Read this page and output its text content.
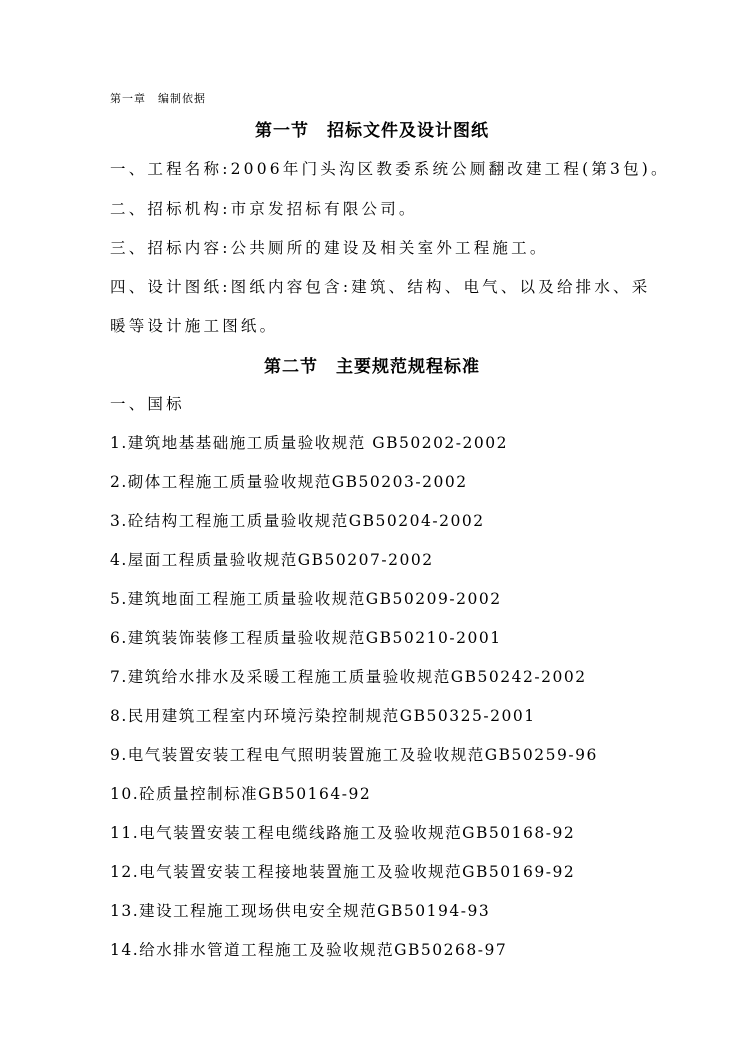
第一章　编制依据
第一节　招标文件及设计图纸
一、工程名称:2006年门头沟区教委系统公厕翻改建工程(第3包)。
二、招标机构:市京发招标有限公司。
三、招标内容:公共厕所的建设及相关室外工程施工。
四、设计图纸:图纸内容包含:建筑、结构、电气、以及给排水、采
暖等设计施工图纸。
第二节　主要规范规程标准
一、国标
1.建筑地基基础施工质量验收规范 GB50202-2002
2.砌体工程施工质量验收规范GB50203-2002
3.砼结构工程施工质量验收规范GB50204-2002
4.屋面工程质量验收规范GB50207-2002
5.建筑地面工程施工质量验收规范GB50209-2002
6.建筑装饰装修工程质量验收规范GB50210-2001
7.建筑给水排水及采暖工程施工质量验收规范GB50242-2002
8.民用建筑工程室内环境污染控制规范GB50325-2001
9.电气装置安装工程电气照明装置施工及验收规范GB50259-96
10.砼质量控制标准GB50164-92
11.电气装置安装工程电缆线路施工及验收规范GB50168-92
12.电气装置安装工程接地装置施工及验收规范GB50169-92
13.建设工程施工现场供电安全规范GB50194-93
14.给水排水管道工程施工及验收规范GB50268-97
